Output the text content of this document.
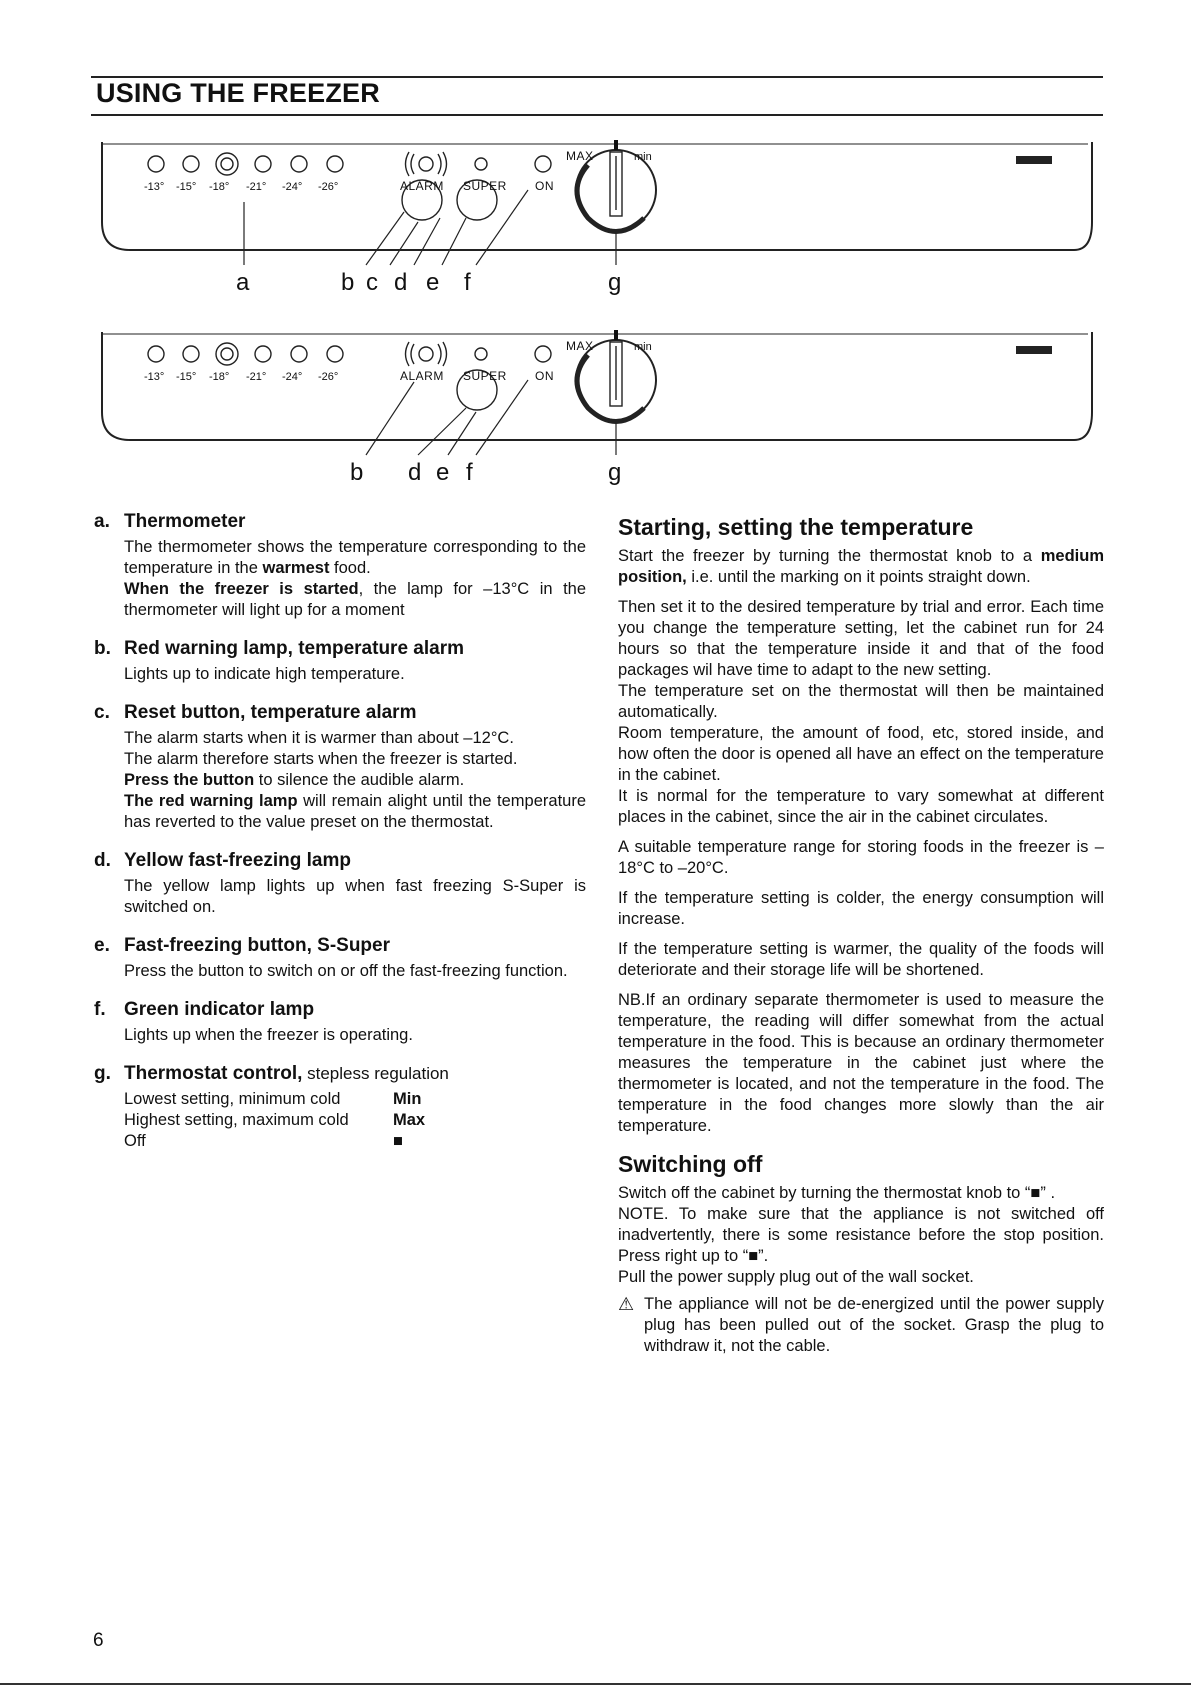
USING THE FREEZER
-13° -15° -18° -21° -24° -26°	ALARM SUPER ON
MAX	min
a	b c d e f	g
-13° -15° -18° -21° -24° -26°	ALARM SUPER ON
MAX	min
b d e f	g
a. Thermometer

The thermometer shows the temperature corresponding to the temperature in the warmest food.

When the freezer is started, the lamp for –13°C in the thermometer will light up for a moment

b. Red warning lamp, temperature alarm

Lights up to indicate high temperature.

c. Reset button, temperature alarm

The alarm starts when it is warmer than about –12°C.

The alarm therefore starts when the freezer is started.

Press the button to silence the audible alarm.

The red warning lamp will remain alight until the temperature has reverted to the value preset on the thermostat.

d. Yellow fast-freezing lamp

The yellow lamp lights up when fast freezing S-Super is switched on.

e. Fast-freezing button, S-Super

Press the button to switch on or off the fast-freezing function.

f. Green indicator lamp

Lights up when the freezer is operating.

g. Thermostat control, stepless regulation
Lowest setting, minimum cold	Min
Highest setting, maximum cold	Max
Off	■
Starting, setting the temperature

Start the freezer by turning the thermostat knob to a medium position, i.e. until the marking on it points straight down.

Then set it to the desired temperature by trial and error. Each time you change the temperature setting, let the cabinet run for 24 hours so that the temperature inside it and that of the food packages wil have time to adapt to the new setting.

The temperature set on the thermostat will then be maintained automatically.

Room temperature, the amount of food, etc, stored inside, and how often the door is opened all have an effect on the temperature in the cabinet.

It is normal for the temperature to vary somewhat at different places in the cabinet, since the air in the cabinet circulates.

A suitable temperature range for storing foods in the freezer is –18°C to –20°C.

If the temperature setting is colder, the energy consumption will increase.

If the temperature setting is warmer, the quality of the foods will deteriorate and their storage life will be shortened.

NB.If an ordinary separate thermometer is used to measure the temperature, the reading will differ somewhat from the actual temperature in the food. This is because an ordinary thermometer measures the temperature in the cabinet just where the thermometer is located, and not the temperature in the food. The temperature in the food changes more slowly than the air temperature.

Switching off

Switch off the cabinet by turning the thermostat knob to “■” .

NOTE. To make sure that the appliance is not switched off inadvertently, there is some resistance before the stop position. Press right up to “■”.

Pull the power supply plug out of the wall socket.

⚠ The appliance will not be de-energized until the power supply plug has been pulled out of the socket. Grasp the plug to withdraw it, not the cable.

6
